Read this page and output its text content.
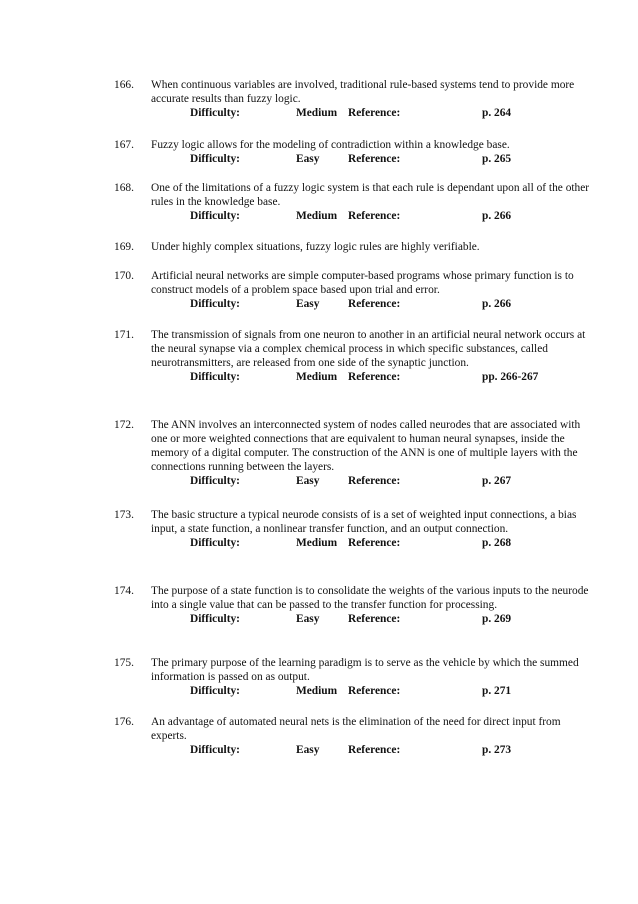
166.	When continuous variables are involved, traditional rule-based systems tend to provide more accurate results than fuzzy logic.
Difficulty:	Medium Reference:	p. 264
167.	Fuzzy logic allows for the modeling of contradiction within a knowledge base.
Difficulty:	Easy	Reference:	p. 265
168.	One of the limitations of a fuzzy logic system is that each rule is dependant upon all of the other rules in the knowledge base.
Difficulty:	Medium Reference:	p. 266
169.	Under highly complex situations, fuzzy logic rules are highly verifiable.
170.	Artificial neural networks are simple computer-based programs whose primary function is to construct models of a problem space based upon trial and error.
Difficulty:	Easy	Reference:	p. 266
171.	The transmission of signals from one neuron to another in an artificial neural network occurs at the neural synapse via a complex chemical process in which specific substances, called neurotransmitters, are released from one side of the synaptic junction.
Difficulty:	Medium Reference:	pp. 266-267
172.	The ANN involves an interconnected system of nodes called neurodes that are associated with one or more weighted connections that are equivalent to human neural synapses, inside the memory of a digital computer. The construction of the ANN is one of multiple layers with the connections running between the layers.
Difficulty:	Easy	Reference:	p. 267
173.	The basic structure a typical neurode consists of is a set of weighted input connections, a bias input, a state function, a nonlinear transfer function, and an output connection.
Difficulty:	Medium Reference:	p. 268
174.	The purpose of a state function is to consolidate the weights of the various inputs to the neurode into a single value that can be passed to the transfer function for processing.
Difficulty:	Easy	Reference:	p. 269
175.	The primary purpose of the learning paradigm is to serve as the vehicle by which the summed information is passed on as output.
Difficulty:	Medium Reference:	p. 271
176.	An advantage of automated neural nets is the elimination of the need for direct input from experts.
Difficulty:	Easy	Reference:	p. 273
